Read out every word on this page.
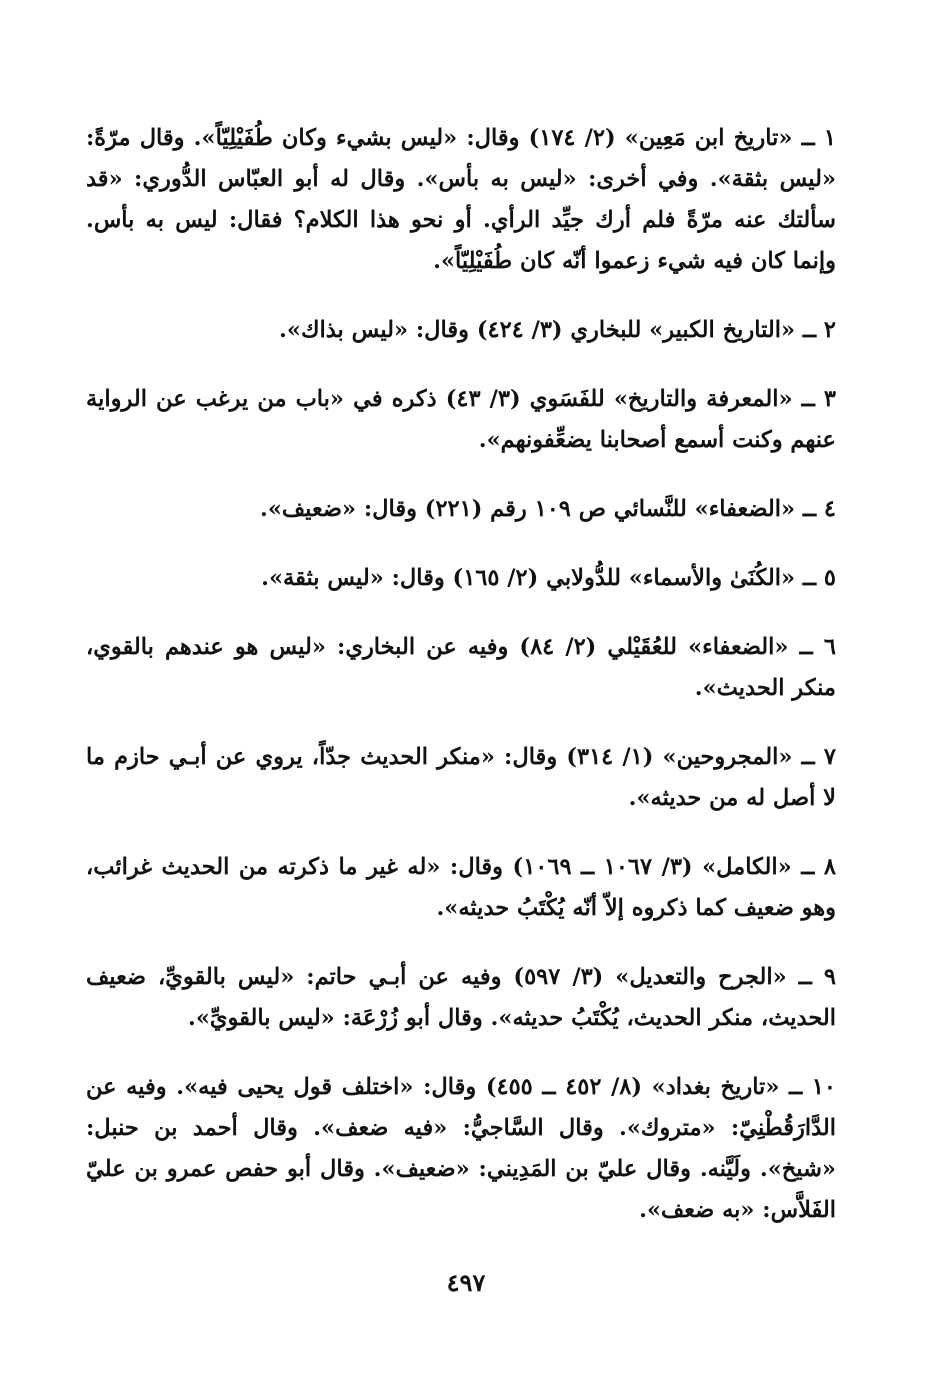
١ ــ «تاريخ ابن مَعِين» (٢/ ١٧٤) وقال: «ليس بشيء وكان طُفَيْلِيّاً». وقال مرّةً: «ليس بثقة». وفي أخرى: «ليس به بأس». وقال له أبو العبّاس الدُّوري: «قد سألتك عنه مرّةً فلم أرك جيِّد الرأي. أو نحو هذا الكلام؟ فقال: ليس به بأس. وإنما كان فيه شيء زعموا أنّه كان طُفَيْلِيّاً».

٢ ــ «التاريخ الكبير» للبخاري (٣/ ٤٢٤) وقال: «ليس بذاك».

٣ ــ «المعرفة والتاريخ» للفَسَوي (٣/ ٤٣) ذكره في «باب من يرغب عن الرواية عنهم وكنت أسمع أصحابنا يضعِّفونهم».

٤ ــ «الضعفاء» للنَّسائي ص ١٠٩ رقم (٢٢١) وقال: «ضعيف».

٥ ــ «الكُنَىٰ والأسماء» للدُّولابي (٢/ ١٦٥) وقال: «ليس بثقة».

٦ ــ «الضعفاء» للعُقَيْلي (٢/ ٨٤) وفيه عن البخاري: «ليس هو عندهم بالقوي، منكر الحديث».

٧ ــ «المجروحين» (١/ ٣١٤) وقال: «منكر الحديث جدّاً، يروي عن أبـي حازم ما لا أصل له من حديثه».

٨ ــ «الكامل» (٣/ ١٠٦٧ ــ ١٠٦٩) وقال: «له غير ما ذكرته من الحديث غرائب، وهو ضعيف كما ذكروه إلاّ أنّه يُكْتَبُ حديثه».

٩ ــ «الجرح والتعديل» (٣/ ٥٩٧) وفيه عن أبـي حاتم: «ليس بالقويِّ، ضعيف الحديث، منكر الحديث، يُكْتَبُ حديثه». وقال أبو زُرْعَة: «ليس بالقويِّ».

١٠ ــ «تاريخ بغداد» (٨/ ٤٥٢ ــ ٤٥٥) وقال: «اختلف قول يحيى فيه». وفيه عن الدَّارَقُطْنِيّ: «متروك». وقال السَّاجيُّ: «فيه ضعف». وقال أحمد بن حنبل: «شيخ». ولَيَّنه. وقال عليّ بن المَدِيني: «ضعيف». وقال أبو حفص عمرو بن عليّ الفَلاَّس: «به ضعف».

٤٩٧
